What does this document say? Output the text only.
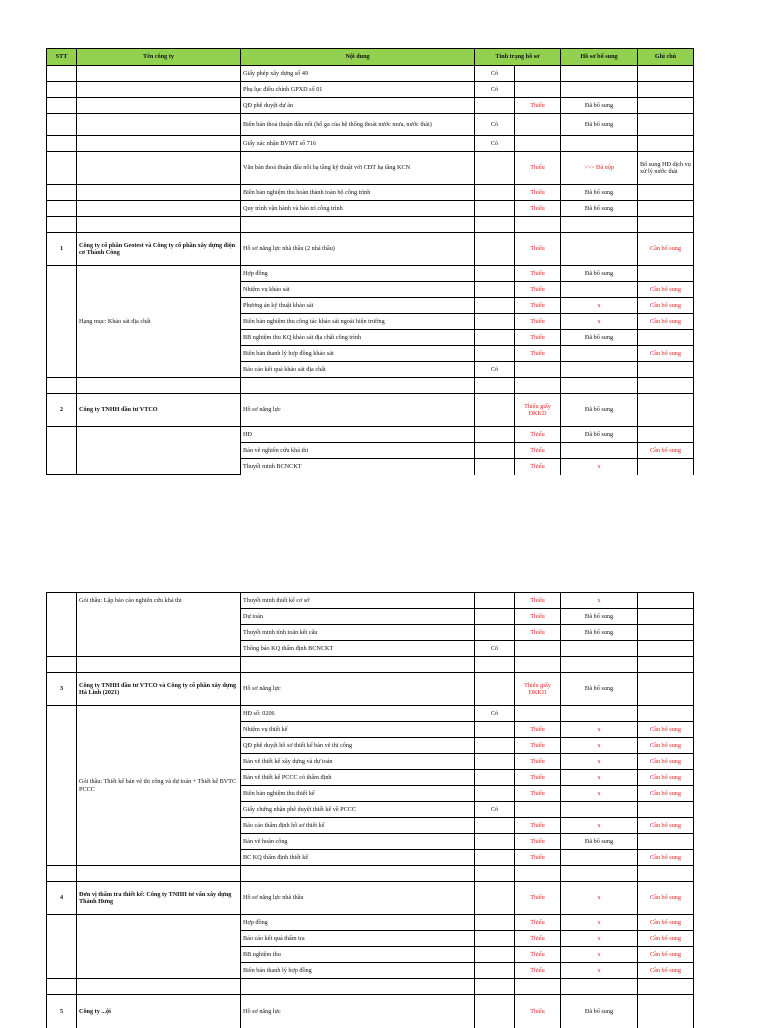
STT	Tên công ty	Nội dung	Tình trạng hồ sơ		Hồ sơ bổ sung	Ghi chú
		Giấy phép xây dựng số 49	Có			
		Phụ lục điều chỉnh GPXD số 01	Có			
		QĐ phê duyệt dự án		Thiếu	Đã bổ sung	
		Biên bản thoả thuận đấu nối (hố ga của hệ thống thoát nước mưa, nước thải)	Có		Đã bổ sung	
		Giấy xác nhận BVMT số 716	Có			
		Văn bản thoả thuận đấu nối hạ tầng kỹ thuật với CĐT hạ tầng KCN		Thiếu	>>> Đã nộp	Bổ sung HĐ dịch vụ xử lý nước thải
		Biên bản nghiệm thu hoàn thành toàn bộ công trình		Thiếu	Đã bổ sung	
		Quy trình vận hành và bảo trì công trình		Thiếu	Đã bổ sung	

1	Công ty cổ phần Geotest và Công ty cổ phần xây dựng điện cơ Thành Công	Hồ sơ năng lực nhà thầu (2 nhà thầu)		Thiếu		Cần bổ sung
	Hạng mục: Khảo sát địa chất	Hợp đồng		Thiếu	Đã bổ sung	
		Nhiệm vụ khảo sát		Thiếu		Cần bổ sung
		Phương án kỹ thuật khảo sát		Thiếu	x	Cần bổ sung
		Biên bản nghiệm thu công tác khảo sát ngoài hiện trường		Thiếu	x	Cần bổ sung
		BB nghiệm thu KQ khảo sát địa chất công trình		Thiếu	Đã bổ sung	
		Biên bản thanh lý hợp đồng khảo sát		Thiếu		Cần bổ sung
		Báo cáo kết quả khảo sát địa chất	Có			

2	Công ty TNHH đầu tư VTCO	Hồ sơ năng lực		Thiếu giấy ĐKKD	Đã bổ sung	
		HĐ		Thiếu	Đã bổ sung	
		Bản vẽ nghiên cứu khả thi		Thiếu		Cần bổ sung
		Thuyết minh BCNCKT		Thiếu	x	
	Gói thầu: Lập báo cáo nghiên cứu khả thi	Thuyết minh thiết kế cơ sở		Thiếu	x	
		Dự toán		Thiếu	Đã bổ sung	
		Thuyết minh tính toán kết cấu		Thiếu	Đã bổ sung	
		Thông báo KQ thẩm định BCNCKT	Có			

3	Công ty TNHH đầu tư VTCO và Công ty cổ phần xây dựng Hà Linh (2021)	Hồ sơ năng lực		Thiếu giấy ĐKKD	Đã bổ sung	
	Gói thầu: Thiết kế bản vẽ thi công và dự toán + Thiết kế BVTC PCCC	HĐ số: 0206	Có			
		Nhiệm vụ thiết kế		Thiếu	x	Cần bổ sung
		QĐ phê duyệt hồ sơ thiết kế bản vẽ thi công		Thiếu	x	Cần bổ sung
		Bản vẽ thiết kế xây dựng và dự toán		Thiếu	x	Cần bổ sung
		Bản vẽ thiết kế PCCC có thẩm định		Thiếu	x	Cần bổ sung
		Biên bản nghiệm thu thiết kế		Thiếu	x	Cần bổ sung
		Giấy chứng nhận phê duyệt thiết kế về PCCC	Có			
		Báo cáo thẩm định hồ sơ thiết kế		Thiếu	x	Cần bổ sung
		Bản vẽ hoàn công		Thiếu	Đã bổ sung	
		BC KQ thẩm định thiết kế		Thiếu		Cần bổ sung

4	Đơn vị thẩm tra thiết kế: Công ty TNHH tư vấn xây dựng Thành Hưng	Hồ sơ năng lực nhà thầu		Thiếu	x	Cần bổ sung
		Hợp đồng		Thiếu	x	Cần bổ sung
		Báo cáo kết quả thẩm tra		Thiếu	x	Cần bổ sung
		BB nghiệm thu		Thiếu	x	Cần bổ sung
		Biên bản thanh lý hợp đồng		Thiếu	x	Cần bổ sung

5	Công ty ...ội	Hồ sơ năng lực		Thiếu	Đã bổ sung	
